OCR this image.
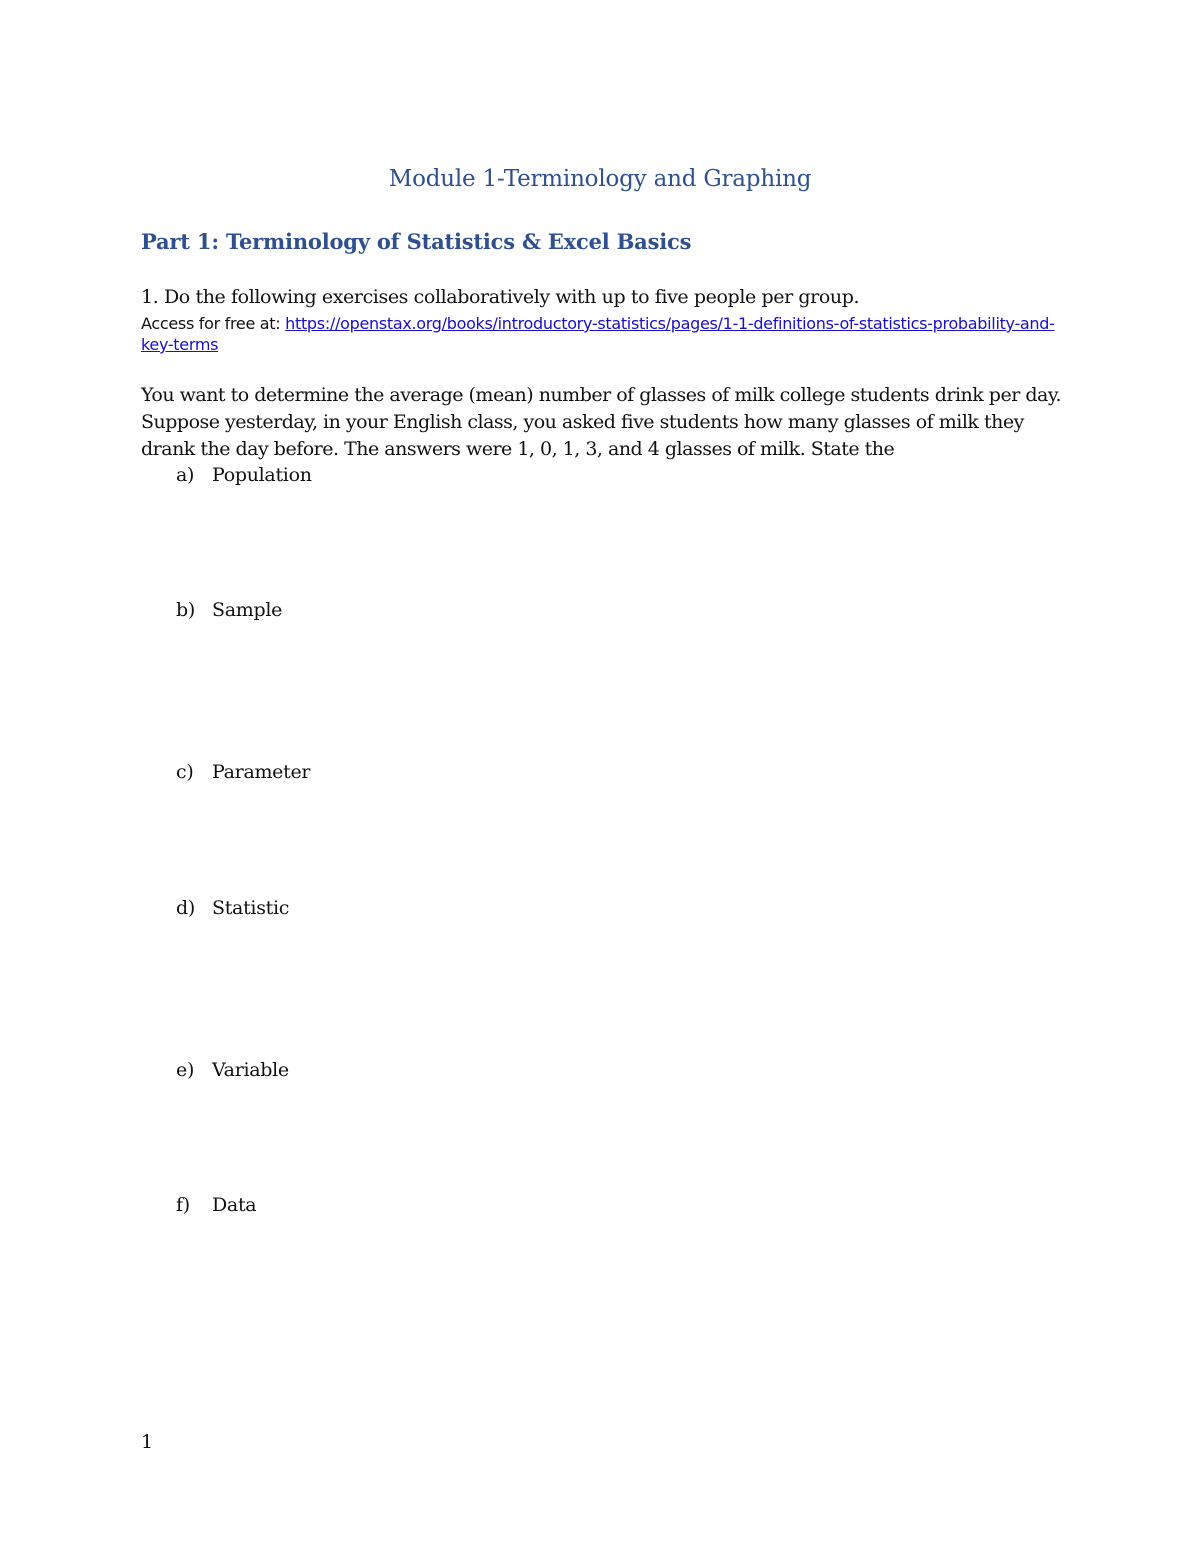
Module 1-Terminology and Graphing
Part 1: Terminology of Statistics & Excel Basics

1. Do the following exercises collaboratively with up to five people per group.

Access for free at: https://openstax.org/books/introductory-statistics/pages/1-1-definitions-of-statistics-probability-and-key-terms

You want to determine the average (mean) number of glasses of milk college students drink per day. Suppose yesterday, in your English class, you asked five students how many glasses of milk they drank the day before. The answers were 1, 0, 1, 3, and 4 glasses of milk. State the

a) Population
b) Sample
c) Parameter
d) Statistic
e) Variable
f) Data

1
